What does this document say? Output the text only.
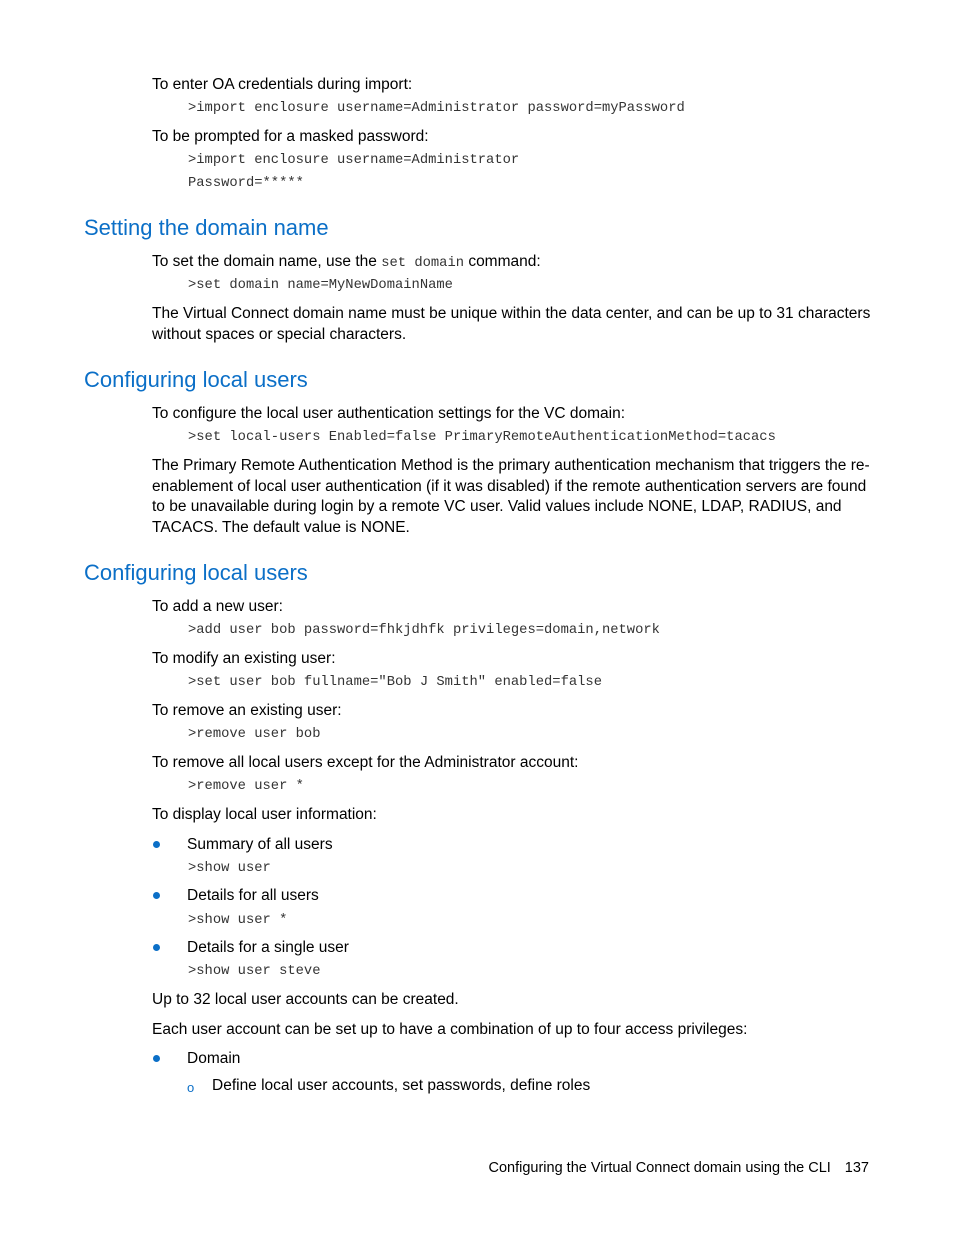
To enter OA credentials during import:

>import enclosure username=Administrator password=myPassword

To be prompted for a masked password:

>import enclosure username=Administrator

Password=*****

Setting the domain name

To set the domain name, use the set domain command:

>set domain name=MyNewDomainName

The Virtual Connect domain name must be unique within the data center, and can be up to 31 characters without spaces or special characters.

Configuring local users

To configure the local user authentication settings for the VC domain:

>set local-users Enabled=false PrimaryRemoteAuthenticationMethod=tacacs

The Primary Remote Authentication Method is the primary authentication mechanism that triggers the re-enablement of local user authentication (if it was disabled) if the remote authentication servers are found to be unavailable during login by a remote VC user. Valid values include NONE, LDAP, RADIUS, and TACACS. The default value is NONE.

Configuring local users

To add a new user:

>add user bob password=fhkjdhfk privileges=domain,network

To modify an existing user:

>set user bob fullname="Bob J Smith" enabled=false

To remove an existing user:

>remove user bob

To remove all local users except for the Administrator account:

>remove user *

To display local user information:

Summary of all users

>show user

Details for all users

>show user *

Details for a single user

>show user steve

Up to 32 local user accounts can be created.

Each user account can be set up to have a combination of up to four access privileges:

Domain

o Define local user accounts, set passwords, define roles

Configuring the Virtual Connect domain using the CLI 137
